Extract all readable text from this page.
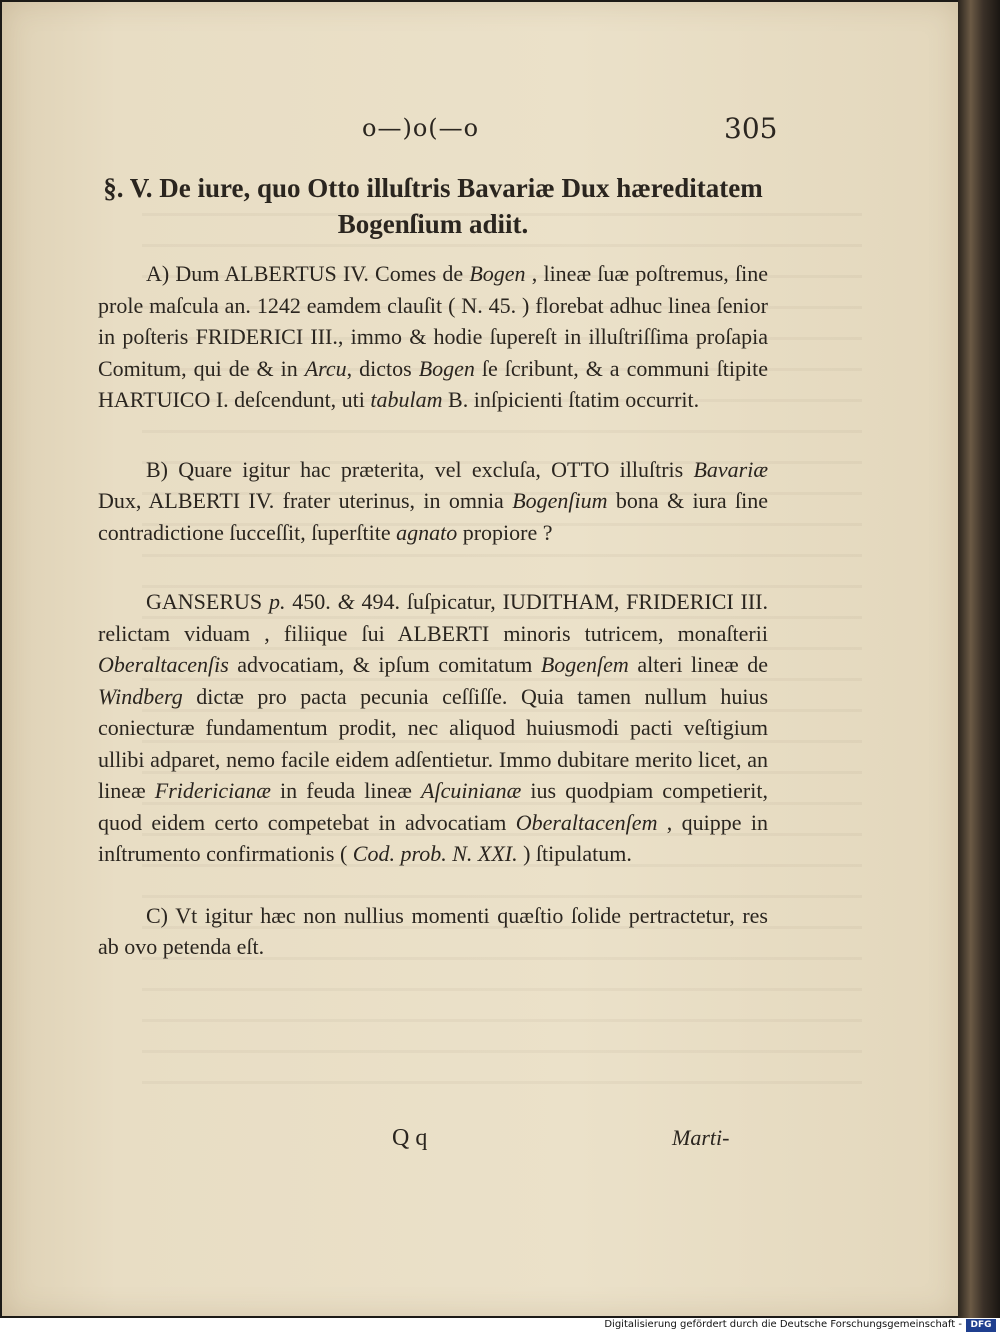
o—)o(—o	305
§. V. De iure, quo Otto illuſtris Bavariæ Dux hæreditatem Bogenſium adiit.

A) Dum ALBERTUS IV. Comes de Bogen , lineæ ſuæ poſtremus, ſine prole maſcula an. 1242 eamdem clauſit ( N. 45. ) florebat adhuc linea ſenior in poſteris FRIDERICI III., immo & hodie ſupereſt in illuſtriſſima proſapia Comitum, qui de & in Arcu, dictos Bogen ſe ſcribunt, & a communi ſtipite HARTUICO I. deſcendunt, uti tabulam B. inſpicienti ſtatim occurrit.

B) Quare igitur hac præterita, vel excluſa, OTTO illuſtris Bavariæ Dux, ALBERTI IV. frater uterinus, in omnia Bogenſium bona & iura ſine contradictione ſucceſſit, ſuperſtite agnato propiore ?

GANSERUS p. 450. & 494. ſuſpicatur, IUDITHAM, FRIDERICI III. relictam viduam , filiique ſui ALBERTI minoris tutricem, monaſterii Oberaltacenſis advocatiam, & ipſum comitatum Bogenſem alteri lineæ de Windberg dictæ pro pacta pecunia ceſſiſſe. Quia tamen nullum huius coniecturæ fundamentum prodit, nec aliquod huiusmodi pacti veſtigium ullibi adparet, nemo facile eidem adſentietur. Immo dubitare merito licet, an lineæ Fridericianæ in feuda lineæ Aſcuinianæ ius quodpiam competierit, quod eidem certo competebat in advocatiam Oberaltacenſem , quippe in inſtrumento confirmationis ( Cod. prob. N. XXI. ) ſtipulatum.

C) Vt igitur hæc non nullius momenti quæſtio ſolide pertractetur, res ab ovo petenda eſt.

Q q	Marti-
Digitalisierung gefördert durch die Deutsche Forschungsgemeinschaft - DFG
